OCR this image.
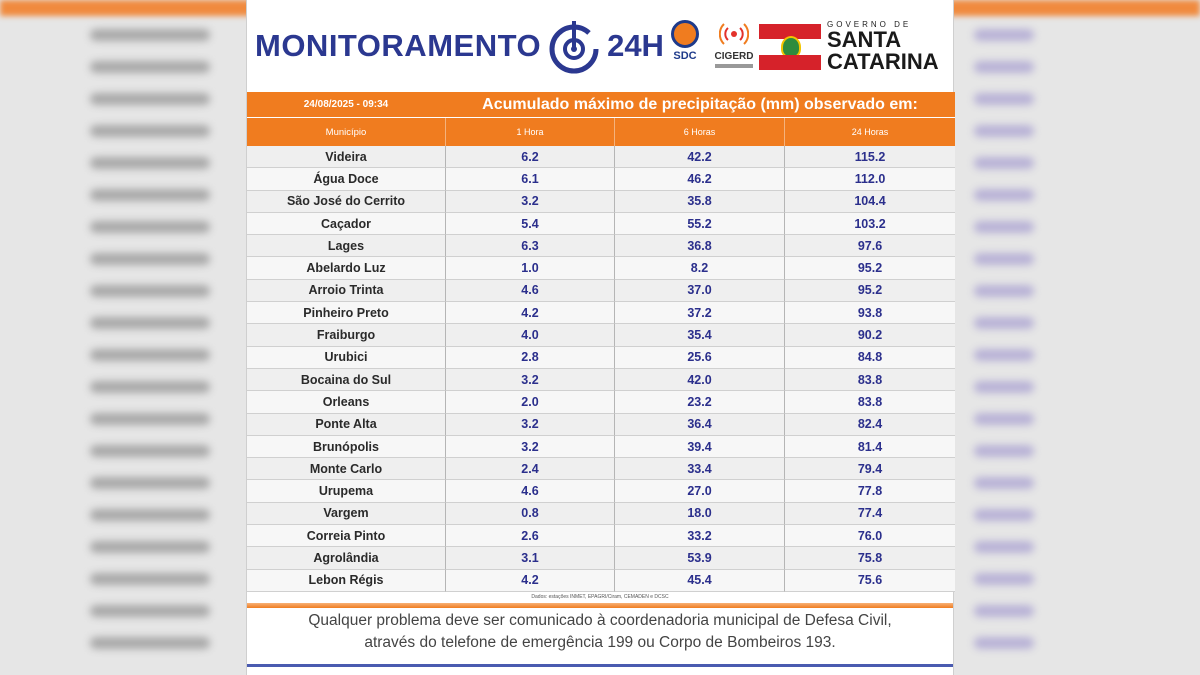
MONITORAMENTO 24H SDC	CIGERD
GOVERNO DE
SANTA
CATARINA
24/08/2025 - 09:34	Acumulado máximo de precipitação (mm) observado em:
Município	1 Hora	6 Horas	24 Horas
Videira	6.2	42.2	115.2
Água Doce	6.1	46.2	112.0
São José do Cerrito	3.2	35.8	104.4
Caçador	5.4	55.2	103.2
Lages	6.3	36.8	97.6
Abelardo Luz	1.0	8.2	95.2
Arroio Trinta	4.6	37.0	95.2
Pinheiro Preto	4.2	37.2	93.8
Fraiburgo	4.0	35.4	90.2
Urubici	2.8	25.6	84.8
Bocaina do Sul	3.2	42.0	83.8
Orleans	2.0	23.2	83.8
Ponte Alta	3.2	36.4	82.4
Brunópolis	3.2	39.4	81.4
Monte Carlo	2.4	33.4	79.4
Urupema	4.6	27.0	77.8
Vargem	0.8	18.0	77.4
Correia Pinto	2.6	33.2	76.0
Agrolândia	3.1	53.9	75.8
Lebon Régis	4.2	45.4	75.6
Dados: estações INMET, EPAGRI/Ciram, CEMADEN e DCSC
Qualquer problema deve ser comunicado à coordenadoria municipal de Defesa Civil,
através do telefone de emergência 199 ou Corpo de Bombeiros 193.
